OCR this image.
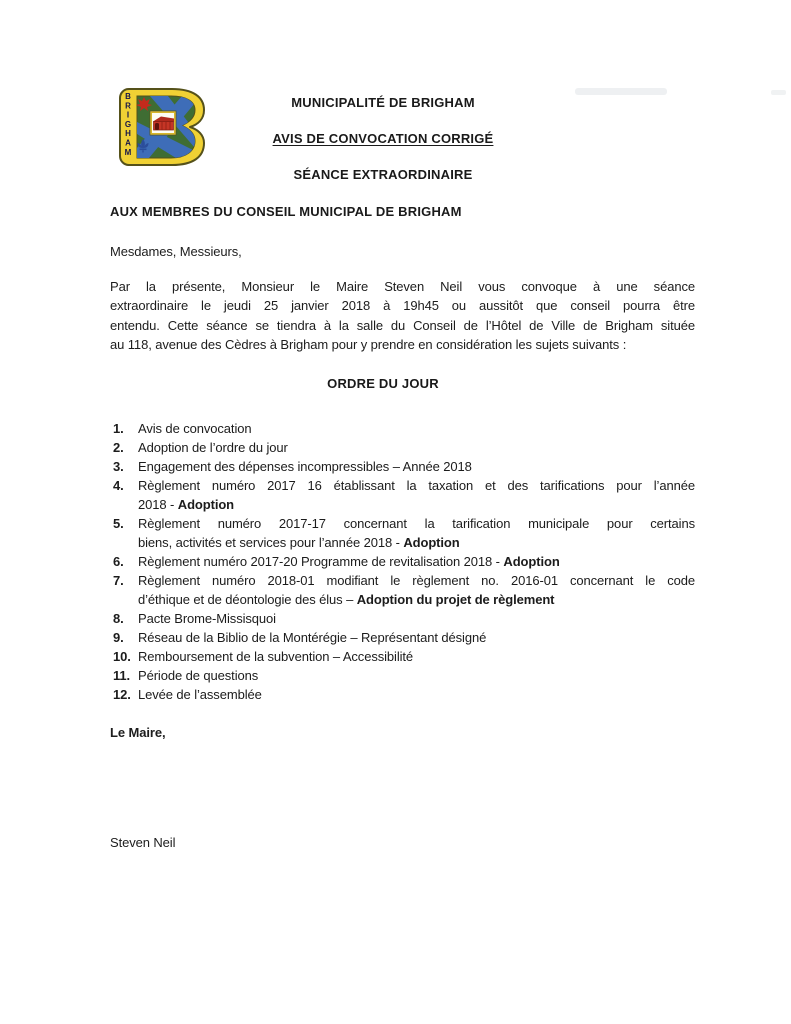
B
R
I
G
H
A
M
MUNICIPALITÉ DE BRIGHAM
AVIS DE CONVOCATION CORRIGÉ
SÉANCE EXTRAORDINAIRE
AUX MEMBRES DU CONSEIL MUNICIPAL DE BRIGHAM
Mesdames, Messieurs,
Par la présente, Monsieur le Maire Steven Neil vous convoque à une séance
extraordinaire le jeudi 25 janvier 2018 à 19h45 ou aussitôt que conseil pourra être
entendu. Cette séance se tiendra à la salle du Conseil de l’Hôtel de Ville de Brigham située
au 118, avenue des Cèdres à Brigham pour y prendre en considération les sujets suivants :
ORDRE DU JOUR
1.	Avis de convocation
2.	Adoption de l’ordre du jour
3.	Engagement des dépenses incompressibles – Année 2018
4.	Règlement numéro 2017 16 établissant la taxation et des tarifications pour l’année
2018 - Adoption
5.	Règlement numéro 2017-17 concernant la tarification municipale pour certains
biens, activités et services pour l’année 2018 - Adoption
6.	Règlement numéro 2017-20 Programme de revitalisation 2018 - Adoption
7.	Règlement numéro 2018-01 modifiant le règlement no. 2016-01 concernant le code
d’éthique et de déontologie des élus – Adoption du projet de règlement
8.	Pacte Brome-Missisquoi
9.	Réseau de la Biblio de la Montérégie – Représentant désigné
10. Remboursement de la subvention – Accessibilité
11. Période de questions
12. Levée de l’assemblée
Le Maire,
Steven Neil
